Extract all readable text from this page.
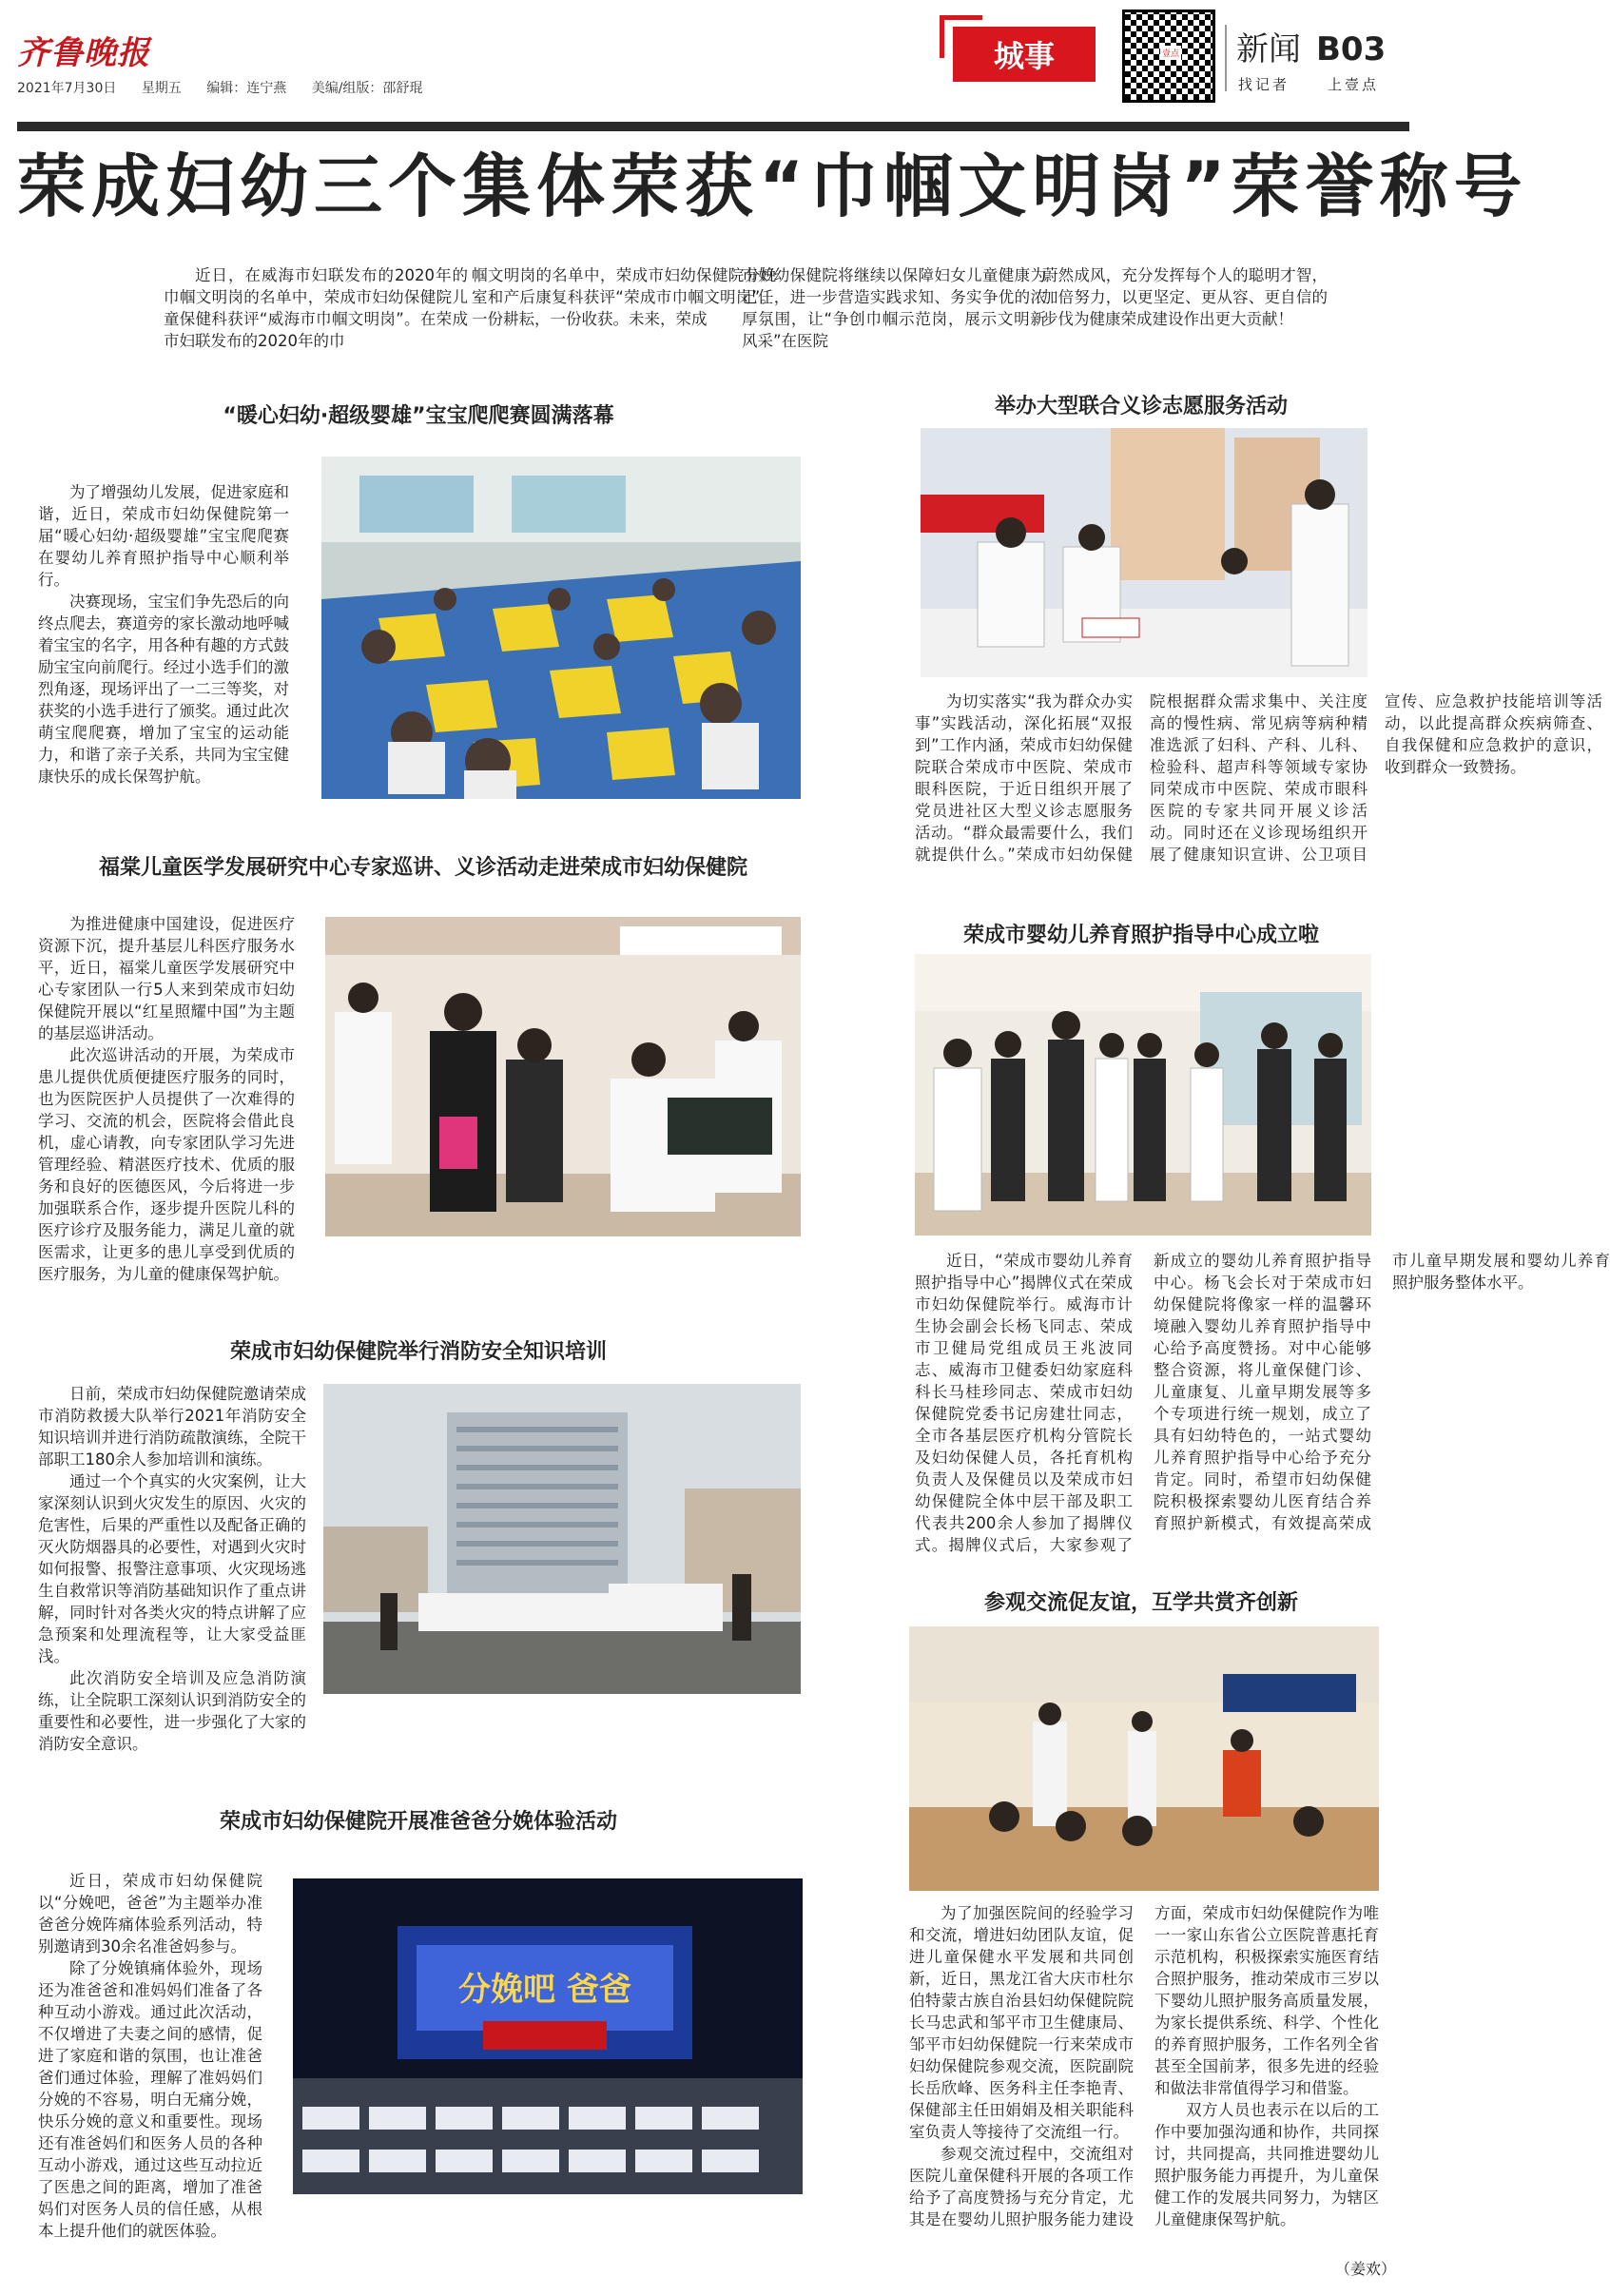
齐鲁晚报
2021年7月30日 星期五 编辑：连宁燕 美编/组版：邵舒琨
城事	壹点 新闻 B03
找记者	上壹点
荣成妇幼三个集体荣获“巾帼文明岗”荣誉称号
近日，在威海市妇联发布的2020年的巾帼文明岗的名单中，荣成市妇幼保健院儿童保健科获评“威海市巾帼文明岗”。在荣成市妇联发布的2020年的巾
帼文明岗的名单中，荣成市妇幼保健院分娩室和产后康复科获评“荣成市巾帼文明岗”。一份耕耘，一份收获。未来，荣成
市妇幼保健院将继续以保障妇女儿童健康为己任，进一步营造实践求知、务实争优的浓厚氛围，让“争创巾帼示范岗，展示文明新风采”在医院
蔚然成风，充分发挥每个人的聪明才智，加倍努力，以更坚定、更从容、更自信的步伐为健康荣成建设作出更大贡献！
“暖心妇幼·超级婴雄”宝宝爬爬赛圆满落幕

为了增强幼儿发展，促进家庭和谐，近日，荣成市妇幼保健院第一届“暖心妇幼·超级婴雄”宝宝爬爬赛在婴幼儿养育照护指导中心顺利举行。

决赛现场，宝宝们争先恐后的向终点爬去，赛道旁的家长激动地呼喊着宝宝的名字，用各种有趣的方式鼓励宝宝向前爬行。经过小选手们的激烈角逐，现场评出了一二三等奖，对获奖的小选手进行了颁奖。通过此次萌宝爬爬赛，增加了宝宝的运动能力，和谐了亲子关系，共同为宝宝健康快乐的成长保驾护航。

举办大型联合义诊志愿服务活动

为切实落实“我为群众办实事”实践活动，深化拓展“双报到”工作内涵，荣成市妇幼保健院联合荣成市中医院、荣成市眼科医院，于近日组织开展了党员进社区大型义诊志愿服务活动。“群众最需要什么，我们就提供什么。”荣成市妇幼保健院根据群众需求集中、关注度高的慢性病、常见病等病种精准选派了妇科、产科、儿科、检验科、超声科等领域专家协同荣成市中医院、荣成市眼科医院的专家共同开展义诊活动。同时还在义诊现场组织开展了健康知识宣讲、公卫项目宣传、应急救护技能培训等活动，以此提高群众疾病筛查、自我保健和应急救护的意识，收到群众一致赞扬。

福棠儿童医学发展研究中心专家巡讲、义诊活动走进荣成市妇幼保健院

为推进健康中国建设，促进医疗资源下沉，提升基层儿科医疗服务水平，近日，福棠儿童医学发展研究中心专家团队一行5人来到荣成市妇幼保健院开展以“红星照耀中国”为主题的基层巡讲活动。

此次巡讲活动的开展，为荣成市患儿提供优质便捷医疗服务的同时，也为医院医护人员提供了一次难得的学习、交流的机会，医院将会借此良机，虚心请教，向专家团队学习先进管理经验、精湛医疗技术、优质的服务和良好的医德医风，今后将进一步加强联系合作，逐步提升医院儿科的医疗诊疗及服务能力，满足儿童的就医需求，让更多的患儿享受到优质的医疗服务，为儿童的健康保驾护航。

荣成市婴幼儿养育照护指导中心成立啦

近日，“荣成市婴幼儿养育照护指导中心”揭牌仪式在荣成市妇幼保健院举行。威海市计生协会副会长杨飞同志、荣成市卫健局党组成员王兆波同志、威海市卫健委妇幼家庭科科长马桂珍同志、荣成市妇幼保健院党委书记房建壮同志，全市各基层医疗机构分管院长及妇幼保健人员，各托育机构负责人及保健员以及荣成市妇幼保健院全体中层干部及职工代表共200余人参加了揭牌仪式。揭牌仪式后，大家参观了新成立的婴幼儿养育照护指导中心。杨飞会长对于荣成市妇幼保健院将像家一样的温馨环境融入婴幼儿养育照护指导中心给予高度赞扬。对中心能够整合资源，将儿童保健门诊、儿童康复、儿童早期发展等多个专项进行统一规划，成立了具有妇幼特色的，一站式婴幼儿养育照护指导中心给予充分肯定。同时，希望市妇幼保健院积极探索婴幼儿医育结合养育照护新模式，有效提高荣成市儿童早期发展和婴幼儿养育照护服务整体水平。

荣成市妇幼保健院举行消防安全知识培训

日前，荣成市妇幼保健院邀请荣成市消防救援大队举行2021年消防安全知识培训并进行消防疏散演练，全院干部职工180余人参加培训和演练。

通过一个个真实的火灾案例，让大家深刻认识到火灾发生的原因、火灾的危害性，后果的严重性以及配备正确的灭火防烟器具的必要性，对遇到火灾时如何报警、报警注意事项、火灾现场逃生自救常识等消防基础知识作了重点讲解，同时针对各类火灾的特点讲解了应急预案和处理流程等，让大家受益匪浅。

此次消防安全培训及应急消防演练，让全院职工深刻认识到消防安全的重要性和必要性，进一步强化了大家的消防安全意识。

参观交流促友谊，互学共赏齐创新

为了加强医院间的经验学习和交流，增进妇幼团队友谊，促进儿童保健水平发展和共同创新，近日，黑龙江省大庆市杜尔伯特蒙古族自治县妇幼保健院院长马忠武和邹平市卫生健康局、邹平市妇幼保健院一行来荣成市妇幼保健院参观交流，医院副院长岳欣峰、医务科主任李艳青、保健部主任田娟娟及相关职能科室负责人等接待了交流组一行。

参观交流过程中，交流组对医院儿童保健科开展的各项工作给予了高度赞扬与充分肯定，尤其是在婴幼儿照护服务能力建设方面，荣成市妇幼保健院作为唯一一家山东省公立医院普惠托育示范机构，积极探索实施医育结合照护服务，推动荣成市三岁以下婴幼儿照护服务高质量发展，为家长提供系统、科学、个性化的养育照护服务，工作名列全省甚至全国前茅，很多先进的经验和做法非常值得学习和借鉴。

双方人员也表示在以后的工作中要加强沟通和协作，共同探讨，共同提高，共同推进婴幼儿照护服务能力再提升，为儿童保健工作的发展共同努力，为辖区儿童健康保驾护航。

（姜欢）
荣成市妇幼保健院开展准爸爸分娩体验活动
分娩吧 爸爸

近日，荣成市妇幼保健院以“分娩吧，爸爸”为主题举办准爸爸分娩阵痛体验系列活动，特别邀请到30余名准爸妈参与。

除了分娩镇痛体验外，现场还为准爸爸和准妈妈们准备了各种互动小游戏。通过此次活动，不仅增进了夫妻之间的感情，促进了家庭和谐的氛围，也让准爸爸们通过体验，理解了准妈妈们分娩的不容易，明白无痛分娩，快乐分娩的意义和重要性。现场还有准爸妈们和医务人员的各种互动小游戏，通过这些互动拉近了医患之间的距离，增加了准爸妈们对医务人员的信任感，从根本上提升他们的就医体验。
